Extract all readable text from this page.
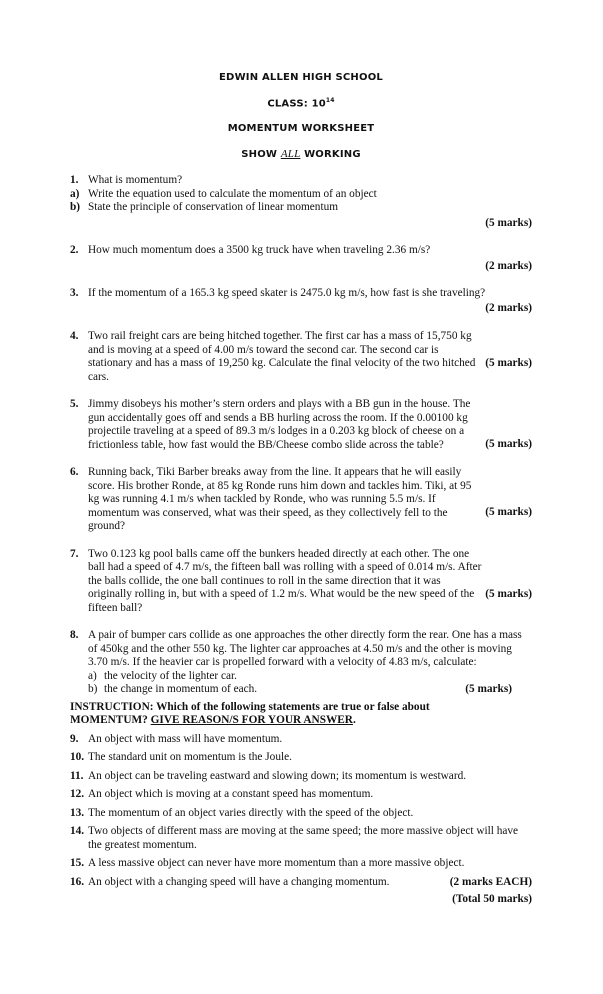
EDWIN ALLEN HIGH SCHOOL
CLASS: $10^{14}$
MOMENTUM WORKSHEET
SHOW ALL WORKING
1. What is momentum?
a) Write the equation used to calculate the momentum of an object
b) State the principle of conservation of linear momentum
(5 marks)
2. How much momentum does a 3500 kg truck have when traveling 2.36 m/s?
(2 marks)
3. If the momentum of a 165.3 kg speed skater is 2475.0 kg m/s, how fast is she traveling?
(2 marks)
4.
(5 marks)
Two rail freight cars are being hitched together. The first car has a mass of 15,750 kg and is moving at a speed of 4.00 m/s toward the second car. The second car is stationary and has a mass of 19,250 kg. Calculate the final velocity of the two hitched cars.
5.
(5 marks)
Jimmy disobeys his mother’s stern orders and plays with a BB gun in the house. The gun accidentally goes off and sends a BB hurling across the room. If the 0.00100 kg projectile traveling at a speed of 89.3 m/s lodges in a 0.203 kg block of cheese on a frictionless table, how fast would the BB/Cheese combo slide across the table?
6.
(5 marks)
Running back, Tiki Barber breaks away from the line. It appears that he will easily score. His brother Ronde, at 85 kg Ronde runs him down and tackles him. Tiki, at 95 kg was running 4.1 m/s when tackled by Ronde, who was running 5.5 m/s. If momentum was conserved, what was their speed, as they collectively fell to the ground?
7.
(5 marks)
Two 0.123 kg pool balls came off the bunkers headed directly at each other. The one ball had a speed of 4.7 m/s, the fifteen ball was rolling with a speed of 0.014 m/s. After the balls collide, the one ball continues to roll in the same direction that it was originally rolling in, but with a speed of 1.2 m/s. What would be the new speed of the fifteen ball?
8. A pair of bumper cars collide as one approaches the other directly form the rear. One has a mass of 450kg and the other 550 kg. The lighter car approaches at 4.50 m/s and the other is moving 3.70 m/s. If the heavier car is propelled forward with a velocity of 4.83 m/s, calculate:
a) the velocity of the lighter car.
b) the change in momentum of each.	(5 marks)
INSTRUCTION: Which of the following statements are true or false about
MOMENTUM? GIVE REASON/S FOR YOUR ANSWER.
9. An object with mass will have momentum.
10. The standard unit on momentum is the Joule.
11. An object can be traveling eastward and slowing down; its momentum is westward.
12. An object which is moving at a constant speed has momentum.
13. The momentum of an object varies directly with the speed of the object.
14. Two objects of different mass are moving at the same speed; the more massive object will have the greatest momentum.
15. A less massive object can never have more momentum than a more massive object.
16. An object with a changing speed will have a changing momentum.	(2 marks EACH)
(Total 50 marks)
